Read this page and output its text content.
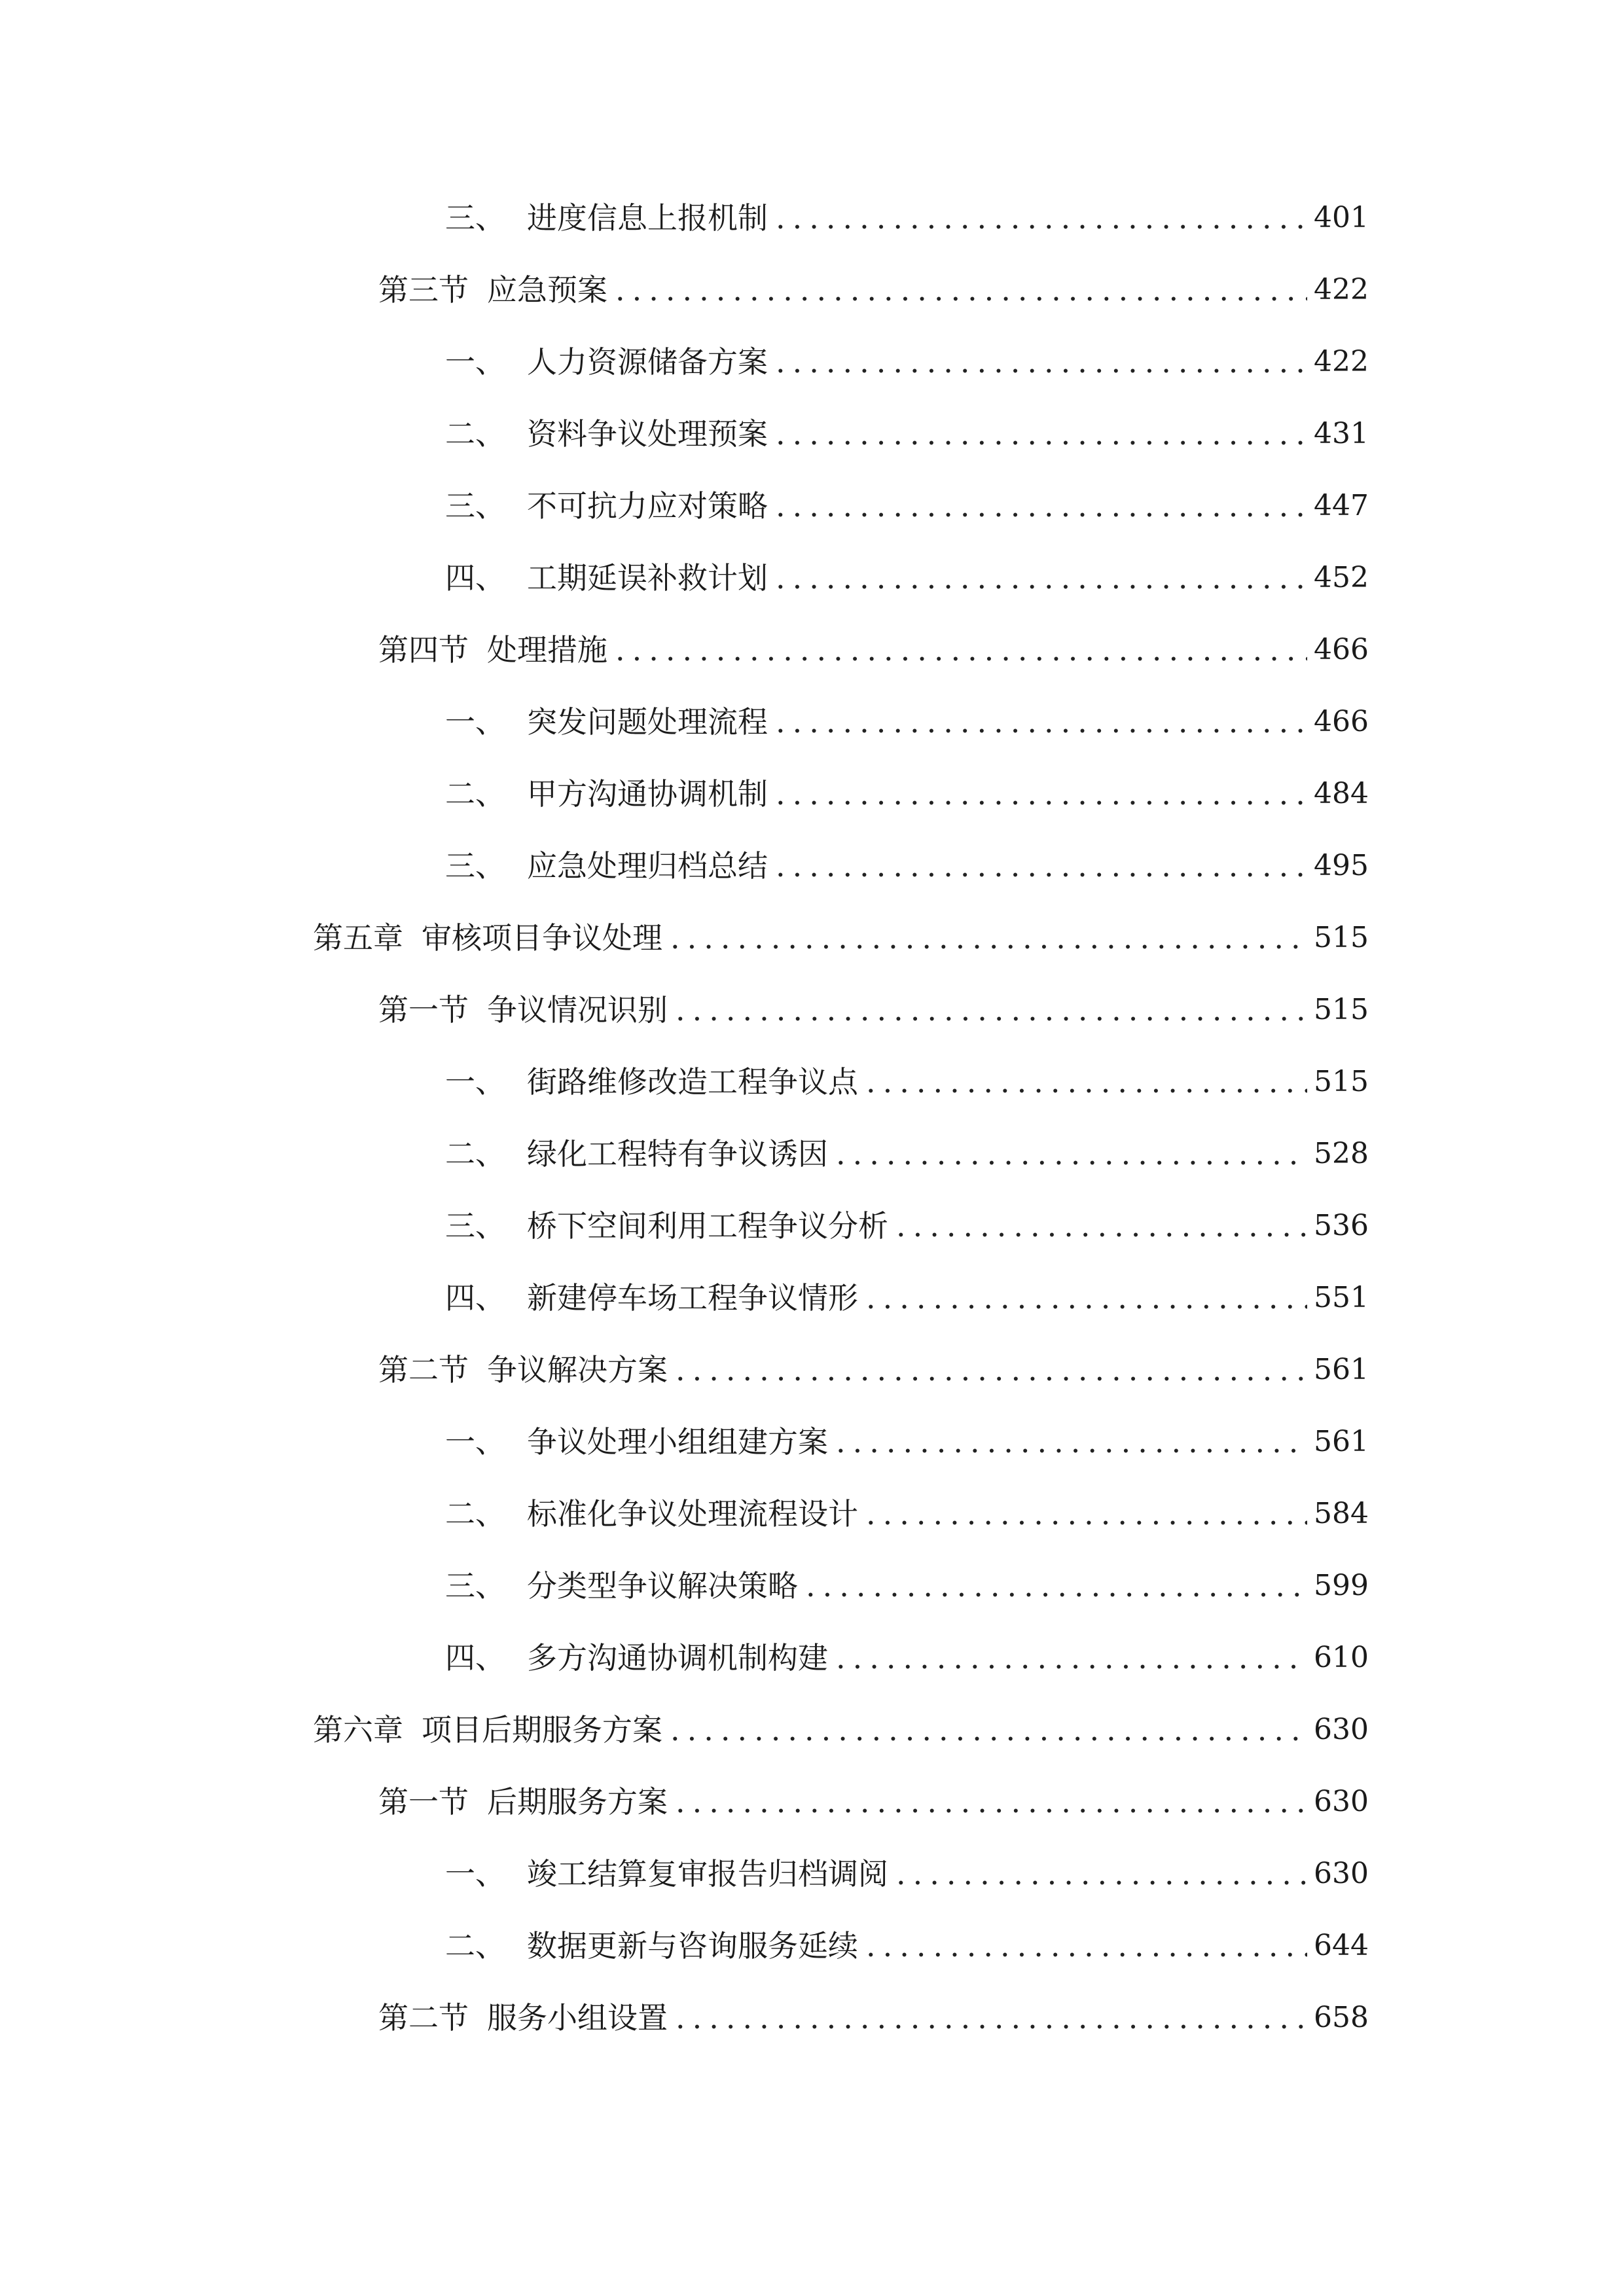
三、 进度信息上报机制 .....	401
第三节 应急预案 .....	422
一、 人力资源储备方案 .....	422
二、 资料争议处理预案 .....	431
三、 不可抗力应对策略 .....	447
四、 工期延误补救计划 .....	452
第四节 处理措施 .....	466
一、 突发问题处理流程 .....	466
二、 甲方沟通协调机制 .....	484
三、 应急处理归档总结 .....	495
第五章 审核项目争议处理 .....	515
第一节 争议情况识别 .....	515
一、 街路维修改造工程争议点 .....	515
二、 绿化工程特有争议诱因 .....	528
三、 桥下空间利用工程争议分析 .....	536
四、 新建停车场工程争议情形 .....	551
第二节 争议解决方案 .....	561
一、 争议处理小组组建方案 .....	561
二、 标准化争议处理流程设计 .....	584
三、 分类型争议解决策略 .....	599
四、 多方沟通协调机制构建 .....	610
第六章 项目后期服务方案 .....	630
第一节 后期服务方案 .....	630
一、 竣工结算复审报告归档调阅 .....	630
二、 数据更新与咨询服务延续 .....	644
第二节 服务小组设置 .....	658
